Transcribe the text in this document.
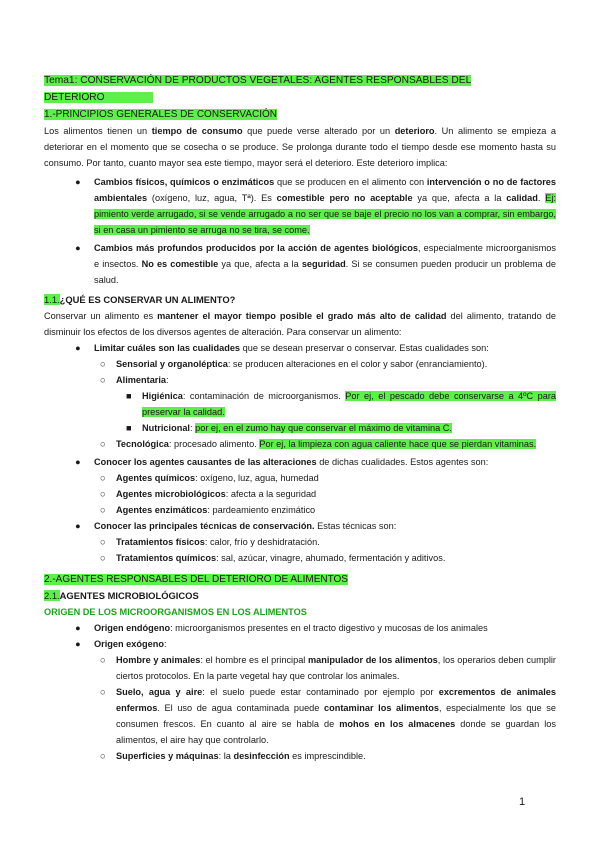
Tema1: CONSERVACIÓN DE PRODUCTOS VEGETALES: AGENTES RESPONSABLES DEL
DETERIORO
1.-PRINCIPIOS GENERALES DE CONSERVACIÓN

Los alimentos tienen un tiempo de consumo que puede verse alterado por un deterioro. Un alimento se empieza a deteriorar en el momento que se cosecha o se produce. Se prolonga durante todo el tiempo desde ese momento hasta su consumo. Por tanto, cuanto mayor sea este tiempo, mayor será el deterioro. Este deterioro implica:

● Cambios físicos, químicos o enzimáticos que se producen en el alimento con intervención o no de factores ambientales (oxígeno, luz, agua, Tª). Es comestible pero no aceptable ya que, afecta a la calidad. Ej: pimiento verde arrugado, si se vende arrugado a no ser que se baje el precio no los van a comprar, sin embargo, si en casa un pimiento se arruga no se tira, se come.
● Cambios más profundos producidos por la acción de agentes biológicos, especialmente microorganismos e insectos. No es comestible ya que, afecta a la seguridad. Si se consumen pueden producir un problema de salud.
1.1.¿QUÉ ES CONSERVAR UN ALIMENTO?

Conservar un alimento es mantener el mayor tiempo posible el grado más alto de calidad del alimento, tratando de disminuir los efectos de los diversos agentes de alteración. Para conservar un alimento:

● Limitar cuáles son las cualidades que se desean preservar o conservar. Estas cualidades son:
○ Sensorial y organoléptica: se producen alteraciones en el color y sabor (enranciamiento).
○ Alimentaria:
■ Higiénica: contaminación de microorganismos. Por ej, el pescado debe conservarse a 4ºC para preservar la calidad.
■ Nutricional: por ej, en el zumo hay que conservar el máximo de vitamina C.
○ Tecnológica: procesado alimento. Por ej, la limpieza con agua caliente hace que se pierdan vitaminas.
● Conocer los agentes causantes de las alteraciones de dichas cualidades. Estos agentes son:
○ Agentes químicos: oxígeno, luz, agua, humedad
○ Agentes microbiológicos: afecta a la seguridad
○ Agentes enzimáticos: pardeamiento enzimático
● Conocer las principales técnicas de conservación. Estas técnicas son:
○ Tratamientos físicos: calor, frío y deshidratación.
○ Tratamientos químicos: sal, azúcar, vinagre, ahumado, fermentación y aditivos.
2.-AGENTES RESPONSABLES DEL DETERIORO DE ALIMENTOS
2.1.AGENTES MICROBIOLÓGICOS
ORIGEN DE LOS MICROORGANISMOS EN LOS ALIMENTOS
● Origen endógeno: microorganismos presentes en el tracto digestivo y mucosas de los animales
● Origen exógeno:
○ Hombre y animales: el hombre es el principal manipulador de los alimentos, los operarios deben cumplir ciertos protocolos. En la parte vegetal hay que controlar los animales.
○ Suelo, agua y aire: el suelo puede estar contaminado por ejemplo por excrementos de animales enfermos. El uso de agua contaminada puede contaminar los alimentos, especialmente los que se consumen frescos. En cuanto al aire se habla de mohos en los almacenes donde se guardan los alimentos, el aire hay que controlarlo.
○ Superficies y máquinas: la desinfección es imprescindible.
1
